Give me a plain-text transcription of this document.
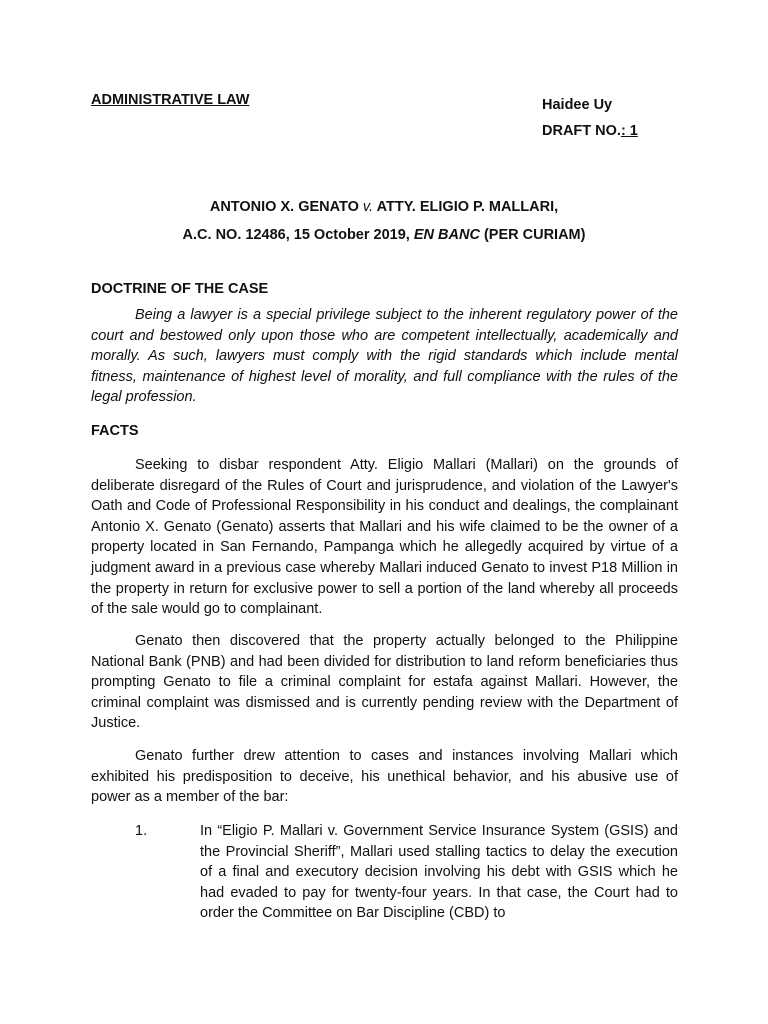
ADMINISTRATIVE LAW	Haidee Uy
DRAFT NO.: 1
ANTONIO X. GENATO v. ATTY. ELIGIO P. MALLARI,
A.C. NO. 12486, 15 October 2019, EN BANC (PER CURIAM)
DOCTRINE OF THE CASE

Being a lawyer is a special privilege subject to the inherent regulatory power of the court and bestowed only upon those who are competent intellectually, academically and morally. As such, lawyers must comply with the rigid standards which include mental fitness, maintenance of highest level of morality, and full compliance with the rules of the legal profession.

FACTS

Seeking to disbar respondent Atty. Eligio Mallari (Mallari) on the grounds of deliberate disregard of the Rules of Court and jurisprudence, and violation of the Lawyer's Oath and Code of Professional Responsibility in his conduct and dealings, the complainant Antonio X. Genato (Genato) asserts that Mallari and his wife claimed to be the owner of a property located in San Fernando, Pampanga which he allegedly acquired by virtue of a judgment award in a previous case whereby Mallari induced Genato to invest P18 Million in the property in return for exclusive power to sell a portion of the land whereby all proceeds of the sale would go to complainant.

Genato then discovered that the property actually belonged to the Philippine National Bank (PNB) and had been divided for distribution to land reform beneficiaries thus prompting Genato to file a criminal complaint for estafa against Mallari. However, the criminal complaint was dismissed and is currently pending review with the Department of Justice.

Genato further drew attention to cases and instances involving Mallari which exhibited his predisposition to deceive, his unethical behavior, and his abusive use of power as a member of the bar:

1.	In “Eligio P. Mallari v. Government Service Insurance System (GSIS) and the Provincial Sheriff”, Mallari used stalling tactics to delay the execution of a final and executory decision involving his debt with GSIS which he had evaded to pay for twenty-four years. In that case, the Court had to order the Committee on Bar Discipline (CBD) to
